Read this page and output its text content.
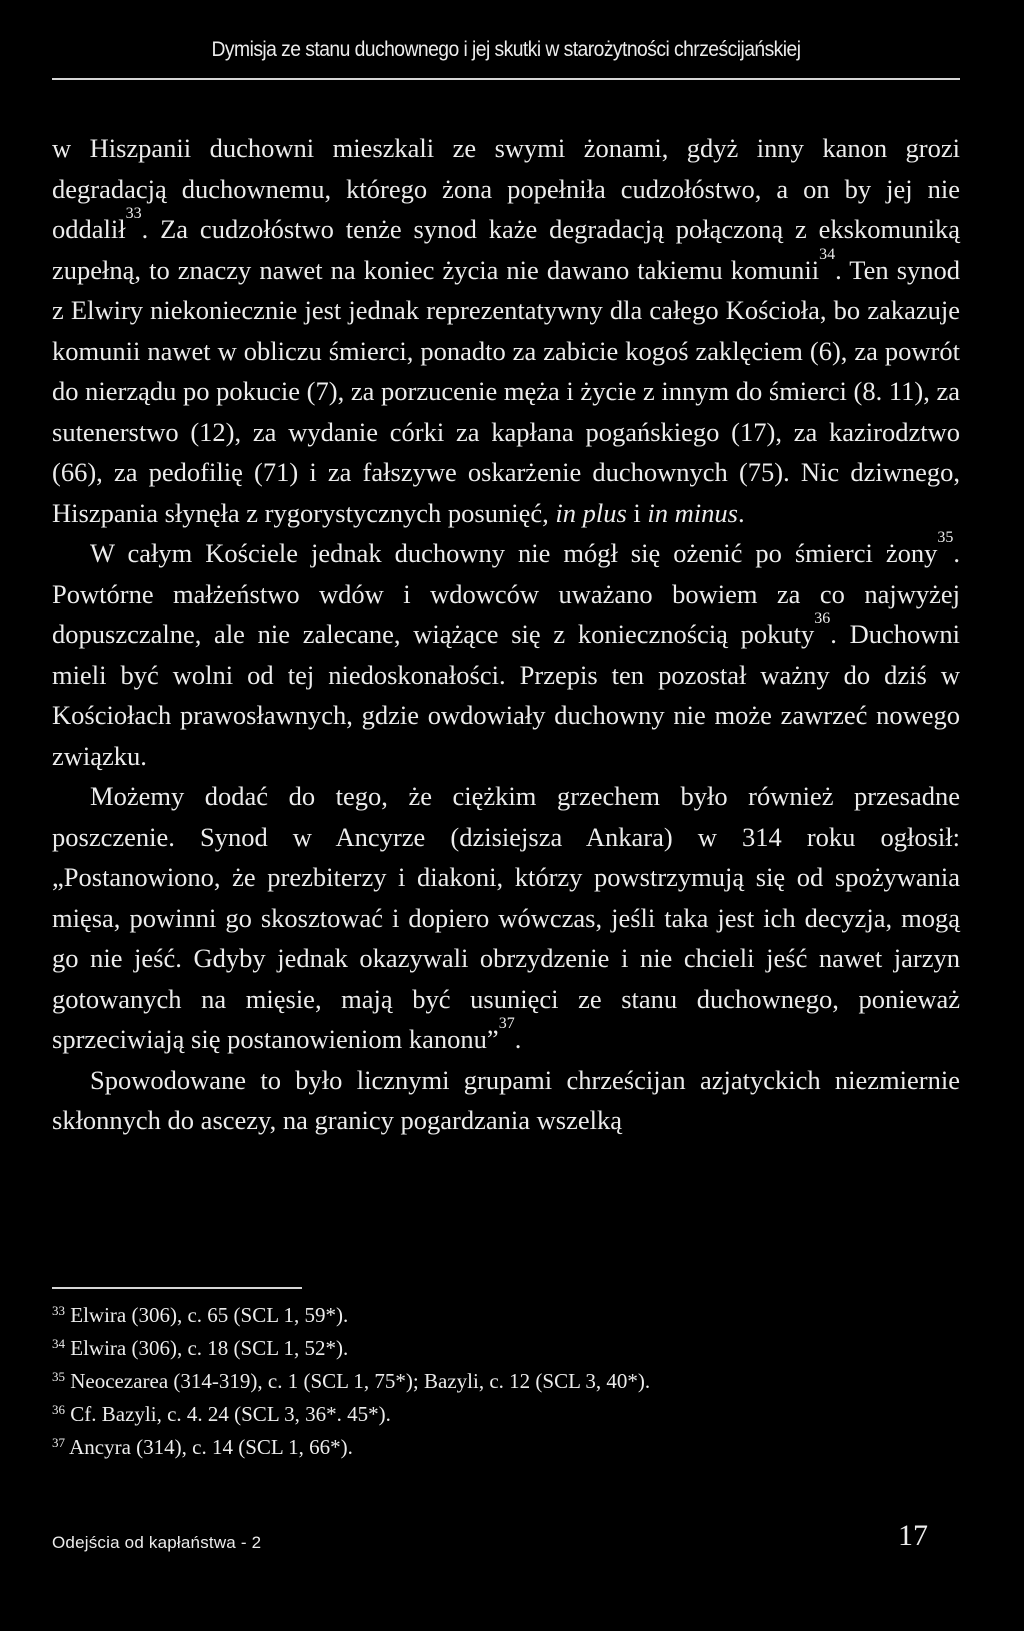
Dymisja ze stanu duchownego i jej skutki w starożytności chrześcijańskiej

w Hiszpanii duchowni mieszkali ze swymi żonami, gdyż inny kanon grozi degradacją duchownemu, którego żona popełniła cudzołóstwo, a on by jej nie oddalił$^{33}$. Za cudzołóstwo tenże synod każe degradacją połączoną z ekskomuniką zupełną, to znaczy nawet na koniec życia nie dawano takiemu komunii$^{34}$. Ten synod z Elwiry niekoniecznie jest jednak reprezentatywny dla całego Kościoła, bo zakazuje komunii nawet w obliczu śmierci, ponadto za zabicie kogoś zaklęciem (6), za powrót do nierządu po pokucie (7), za porzucenie męża i życie z innym do śmierci (8. 11), za sutenerstwo (12), za wydanie córki za kapłana pogańskiego (17), za kazirodztwo (66), za pedofilię (71) i za fałszywe oskarżenie duchownych (75). Nic dziwnego, Hiszpania słynęła z rygorystycznych posunięć, in plus i in minus.

W całym Kościele jednak duchowny nie mógł się ożenić po śmierci żony$^{35}$. Powtórne małżeństwo wdów i wdowców uważano bowiem za co najwyżej dopuszczalne, ale nie zalecane, wiążące się z koniecznością pokuty$^{36}$. Duchowni mieli być wolni od tej niedoskonałości. Przepis ten pozostał ważny do dziś w Kościołach prawosławnych, gdzie owdowiały duchowny nie może zawrzeć nowego związku.

Możemy dodać do tego, że ciężkim grzechem było również przesadne poszczenie. Synod w Ancyrze (dzisiejsza Ankara) w 314 roku ogłosił: „Postanowiono, że prezbiterzy i diakoni, którzy powstrzymują się od spożywania mięsa, powinni go skosztować i dopiero wówczas, jeśli taka jest ich decyzja, mogą go nie jeść. Gdyby jednak okazywali obrzydzenie i nie chcieli jeść nawet jarzyn gotowanych na mięsie, mają być usunięci ze stanu duchownego, ponieważ sprzeciwiają się postanowieniom kanonu”$^{37}$.

Spowodowane to było licznymi grupami chrześcijan azjatyckich niezmiernie skłonnych do ascezy, na granicy pogardzania wszelką

$^{33}$ Elwira (306), c. 65 (SCL 1, 59*).

$^{34}$ Elwira (306), c. 18 (SCL 1, 52*).

$^{35}$ Neocezarea (314-319), c. 1 (SCL 1, 75*); Bazyli, c. 12 (SCL 3, 40*).

$^{36}$ Cf. Bazyli, c. 4. 24 (SCL 3, 36*. 45*).

$^{37}$ Ancyra (314), c. 14 (SCL 1, 66*).

Odejścia od kapłaństwa - 2	17
